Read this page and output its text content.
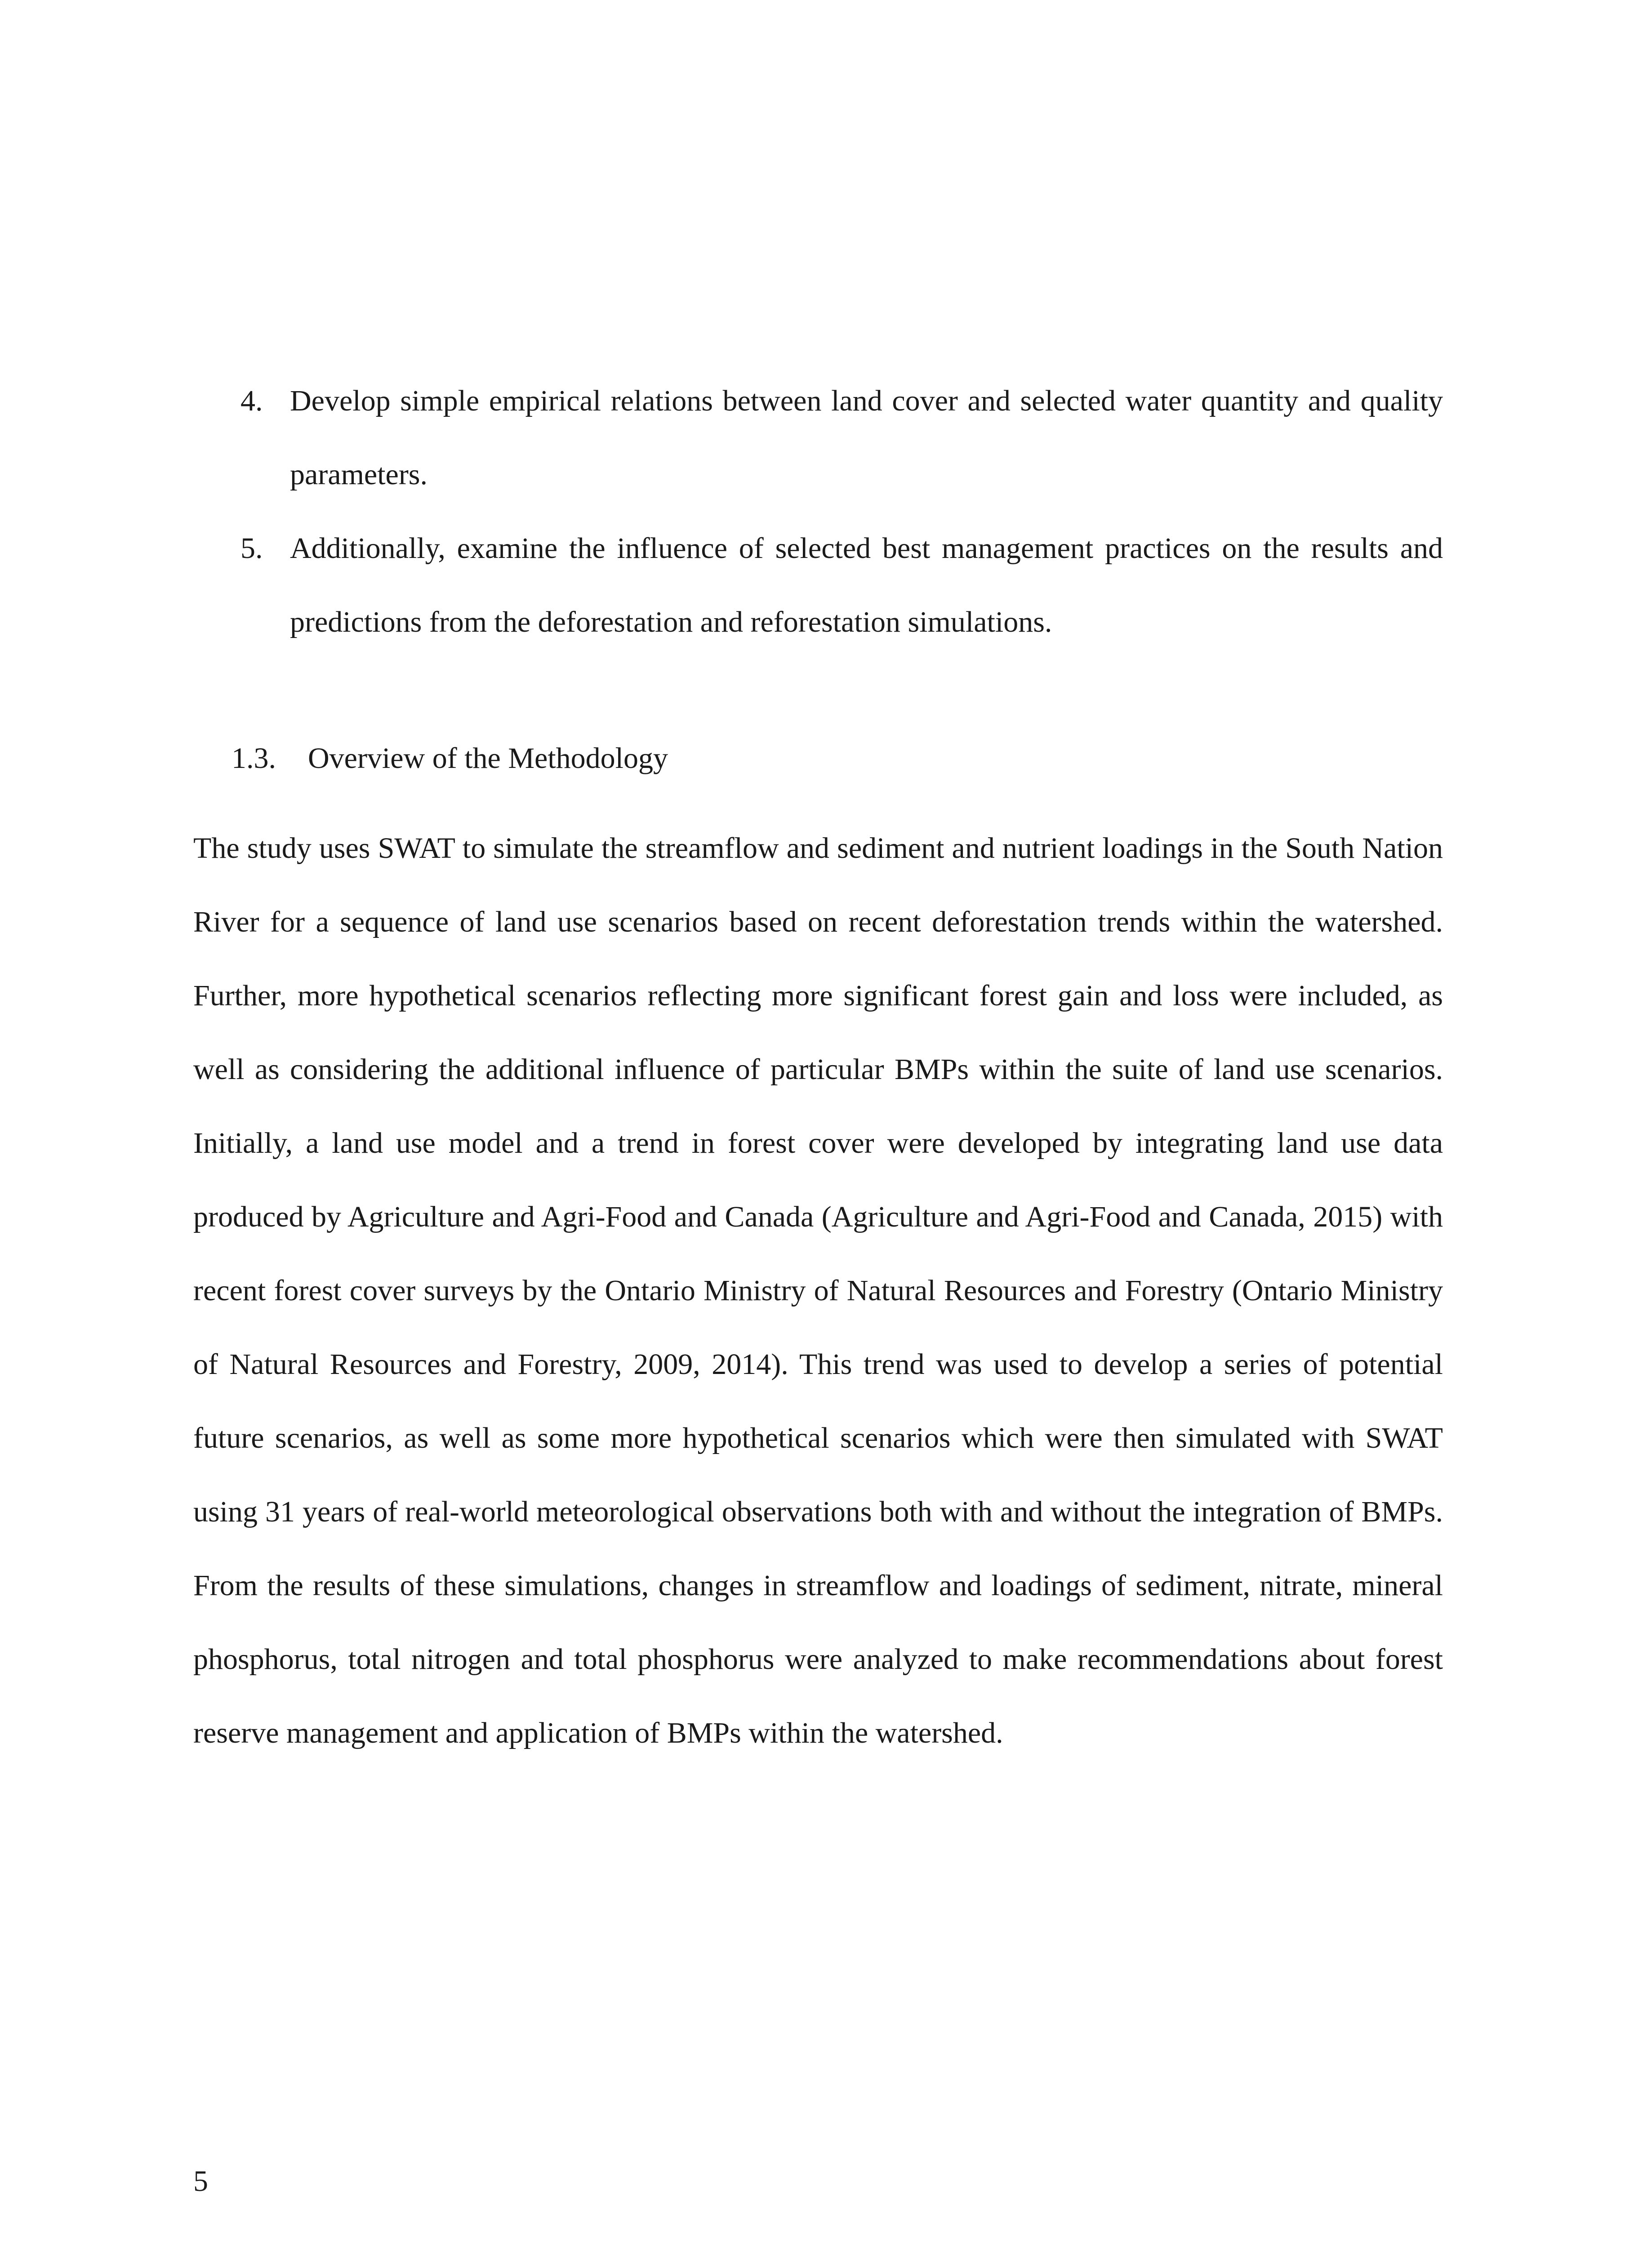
4. Develop simple empirical relations between land cover and selected water quantity and quality parameters.
5. Additionally, examine the influence of selected best management practices on the results and predictions from the deforestation and reforestation simulations.
1.3. Overview of the Methodology

The study uses SWAT to simulate the streamflow and sediment and nutrient loadings in the South Nation River for a sequence of land use scenarios based on recent deforestation trends within the watershed. Further, more hypothetical scenarios reflecting more significant forest gain and loss were included, as well as considering the additional influence of particular BMPs within the suite of land use scenarios. Initially, a land use model and a trend in forest cover were developed by integrating land use data produced by Agriculture and Agri-Food and Canada (Agriculture and Agri-Food and Canada, 2015) with recent forest cover surveys by the Ontario Ministry of Natural Resources and Forestry (Ontario Ministry of Natural Resources and Forestry, 2009, 2014). This trend was used to develop a series of potential future scenarios, as well as some more hypothetical scenarios which were then simulated with SWAT using 31 years of real-world meteorological observations both with and without the integration of BMPs. From the results of these simulations, changes in streamflow and loadings of sediment, nitrate, mineral phosphorus, total nitrogen and total phosphorus were analyzed to make recommendations about forest reserve management and application of BMPs within the watershed.

5
